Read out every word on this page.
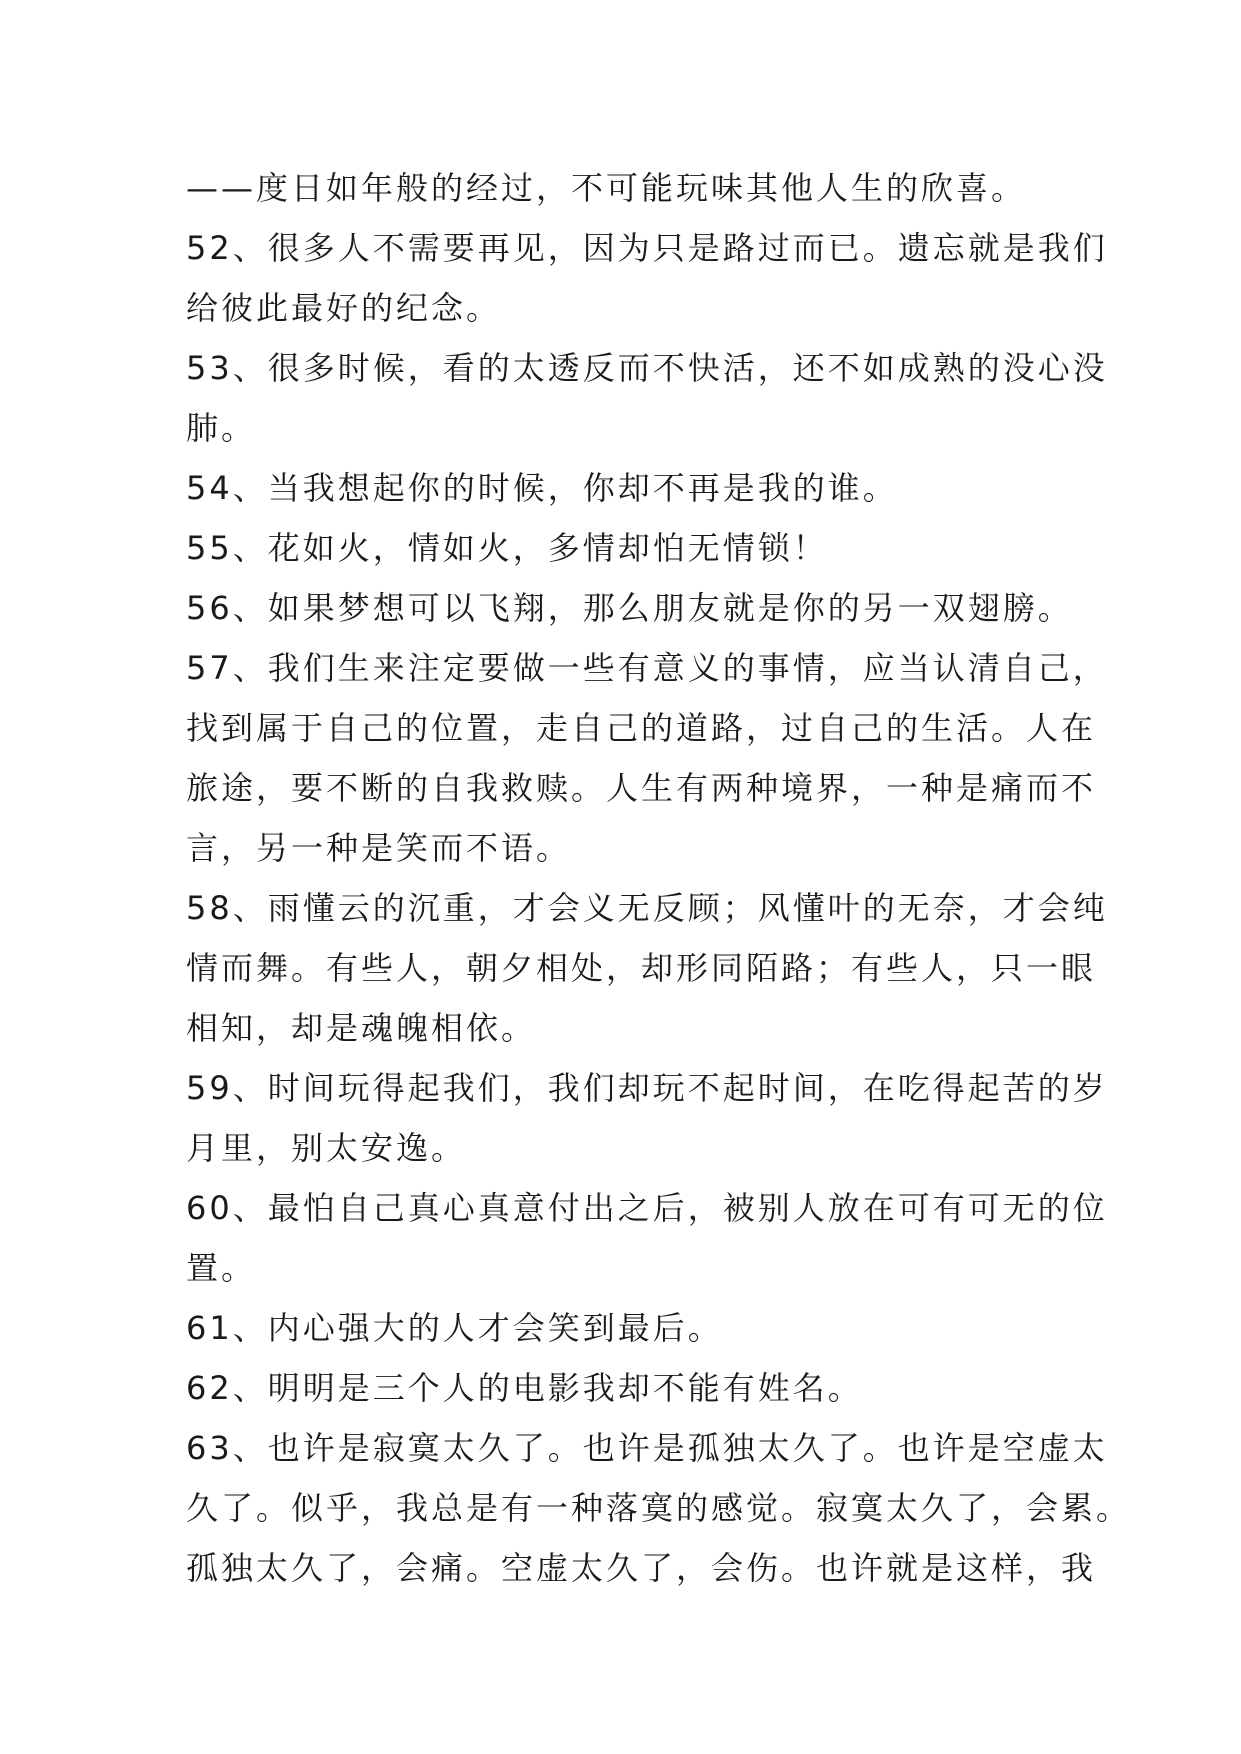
——度日如年般的经过，不可能玩味其他人生的欣喜。
52、很多人不需要再见，因为只是路过而已。遗忘就是我们
给彼此最好的纪念。
53、很多时候，看的太透反而不快活，还不如成熟的没心没
肺。
54、当我想起你的时候，你却不再是我的谁。
55、花如火，情如火，多情却怕无情锁！
56、如果梦想可以飞翔，那么朋友就是你的另一双翅膀。
57、我们生来注定要做一些有意义的事情，应当认清自己，
找到属于自己的位置，走自己的道路，过自己的生活。人在
旅途，要不断的自我救赎。人生有两种境界，一种是痛而不
言，另一种是笑而不语。
58、雨懂云的沉重，才会义无反顾；风懂叶的无奈，才会纯
情而舞。有些人，朝夕相处，却形同陌路；有些人，只一眼
相知，却是魂魄相依。
59、时间玩得起我们，我们却玩不起时间，在吃得起苦的岁
月里，别太安逸。
60、最怕自己真心真意付出之后，被别人放在可有可无的位
置。
61、内心强大的人才会笑到最后。
62、明明是三个人的电影我却不能有姓名。
63、也许是寂寞太久了。也许是孤独太久了。也许是空虚太
久了。似乎，我总是有一种落寞的感觉。寂寞太久了，会累。
孤独太久了，会痛。空虚太久了，会伤。也许就是这样，我
